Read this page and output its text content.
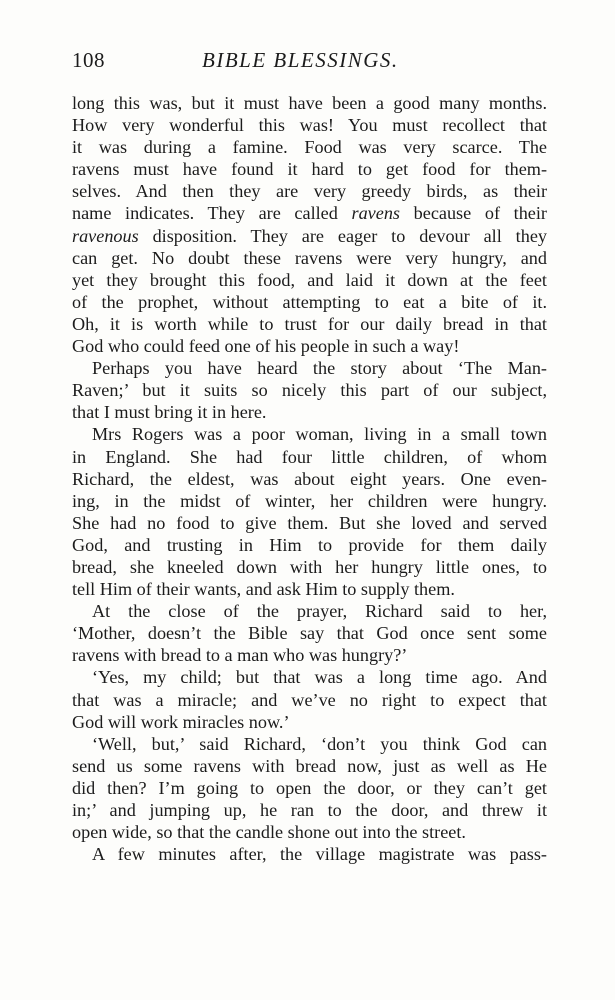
108	BIBLE BLESSINGS.
long this was, but it must have been a good many months.
How very wonderful this was! You must recollect that
it was during a famine. Food was very scarce. The
ravens must have found it hard to get food for them-
selves. And then they are very greedy birds, as their
name indicates. They are called ravens because of their
ravenous disposition. They are eager to devour all they
can get. No doubt these ravens were very hungry, and
yet they brought this food, and laid it down at the feet
of the prophet, without attempting to eat a bite of it.
Oh, it is worth while to trust for our daily bread in that
God who could feed one of his people in such a way!
Perhaps you have heard the story about ‘The Man-
Raven;’ but it suits so nicely this part of our subject,
that I must bring it in here.
Mrs Rogers was a poor woman, living in a small town
in England. She had four little children, of whom
Richard, the eldest, was about eight years. One even-
ing, in the midst of winter, her children were hungry.
She had no food to give them. But she loved and served
God, and trusting in Him to provide for them daily
bread, she kneeled down with her hungry little ones, to
tell Him of their wants, and ask Him to supply them.
At the close of the prayer, Richard said to her,
‘Mother, doesn’t the Bible say that God once sent some
ravens with bread to a man who was hungry?’
‘Yes, my child; but that was a long time ago. And
that was a miracle; and we’ve no right to expect that
God will work miracles now.’
‘Well, but,’ said Richard, ‘don’t you think God can
send us some ravens with bread now, just as well as He
did then? I’m going to open the door, or they can’t get
in;’ and jumping up, he ran to the door, and threw it
open wide, so that the candle shone out into the street.
A few minutes after, the village magistrate was pass-
